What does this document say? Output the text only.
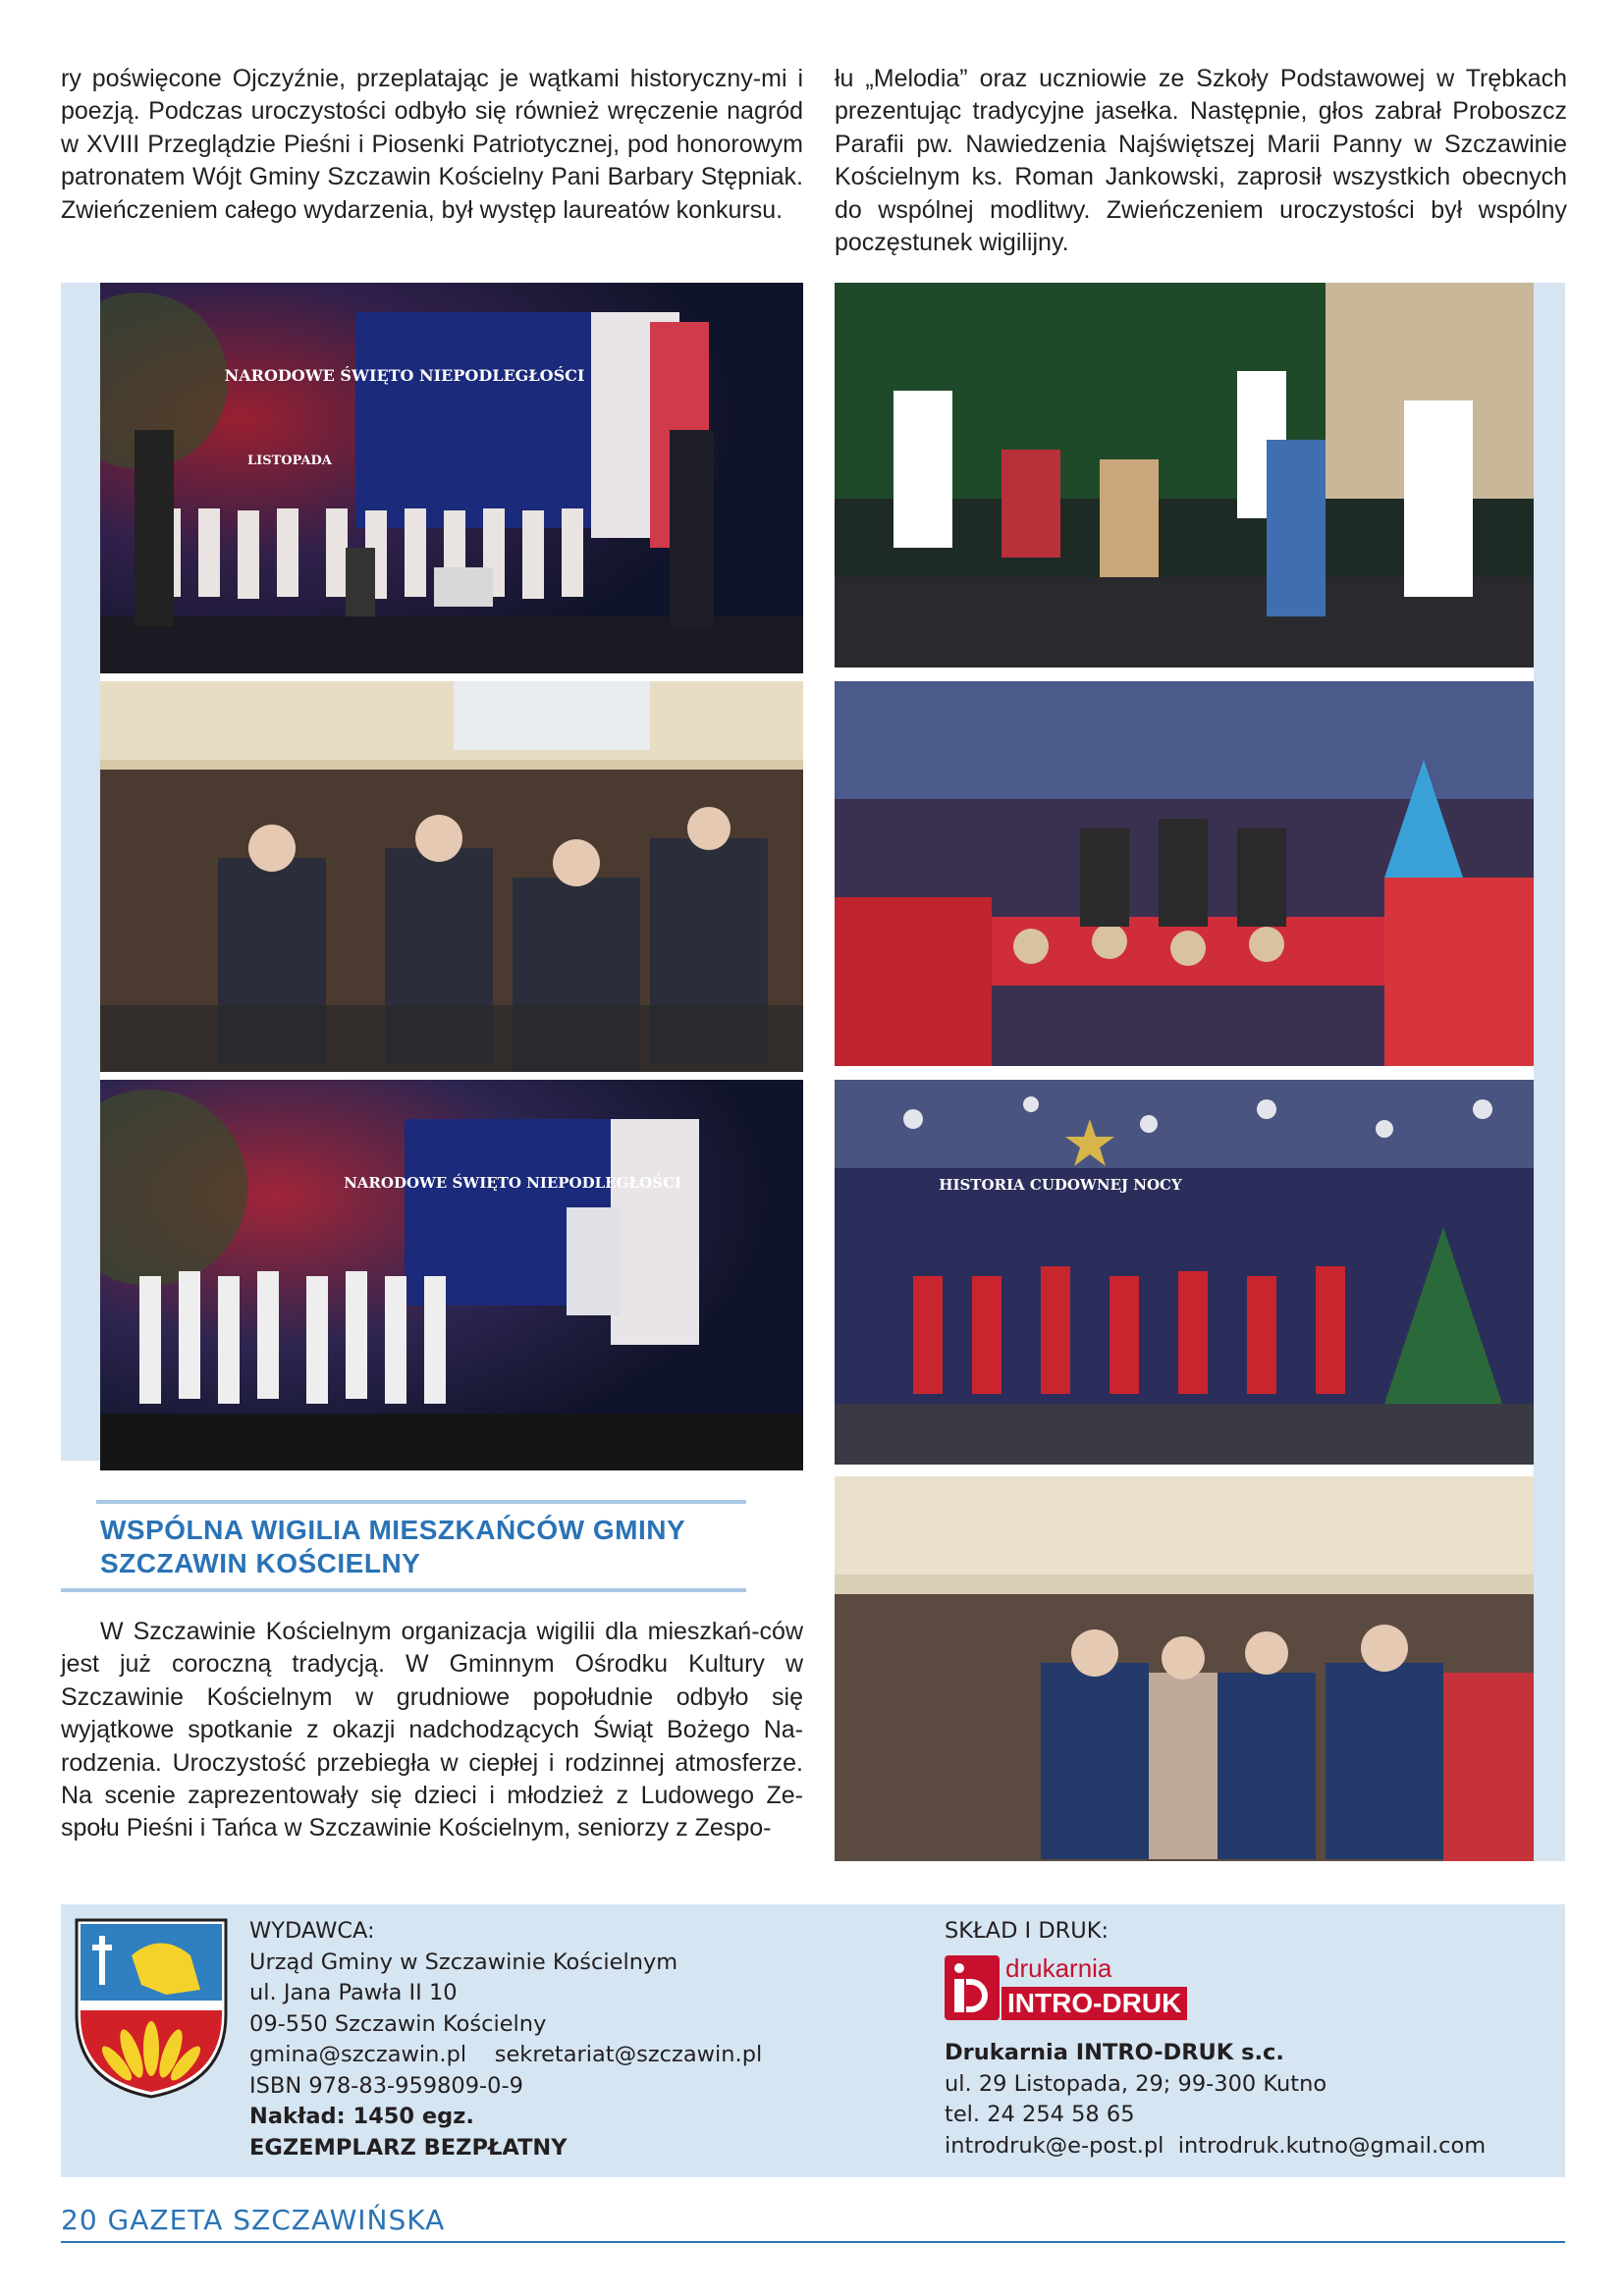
ry poświęcone Ojczyźnie, przeplatając je wątkami historyczny-mi i poezją. Podczas uroczystości odbyło się również wręczenie nagród w XVIII Przeglądzie Pieśni i Piosenki Patriotycznej, pod honorowym patronatem Wójt Gminy Szczawin Kościelny Pani Barbary Stępniak. Zwieńczeniem całego wydarzenia, był występ laureatów konkursu.

łu „Melodia” oraz uczniowie ze Szkoły Podstawowej w Trębkach prezentując tradycyjne jasełka. Następnie, głos zabrał Proboszcz Parafii pw. Nawiedzenia Najświętszej Marii Panny w Szczawinie Kościelnym ks. Roman Jankowski, zaprosił wszystkich obecnych do wspólnej modlitwy. Zwieńczeniem uroczystości był wspólny poczęstunek wigilijny.

NARODOWE ŚWIĘTO NIEPODLEGŁOŚCI
LISTOPADA
NARODOWE ŚWIĘTO NIEPODLEGŁOŚCI	HISTORIA CUDOWNEJ NOCY
WSPÓLNA WIGILIA MIESZKAŃCÓW GMINY SZCZAWIN KOŚCIELNY

W Szczawinie Kościelnym organizacja wigilii dla mieszkań-ców jest już coroczną tradycją. W Gminnym Ośrodku Kultury w Szczawinie Kościelnym w grudniowe popołudnie odbyło się wyjątkowe spotkanie z okazji nadchodzących Świąt Bożego Na-rodzenia. Uroczystość przebiegła w ciepłej i rodzinnej atmosferze. Na scenie zaprezentowały się dzieci i młodzież z Ludowego Ze-społu Pieśni i Tańca w Szczawinie Kościelnym, seniorzy z Zespo-

WYDAWCA:
Urząd Gminy w Szczawinie Kościelnym
ul. Jana Pawła II 10
09-550 Szczawin Kościelny
gmina@szczawin.pl sekretariat@szczawin.pl
ISBN 978-83-959809-0-9
Nakład: 1450 egz.
EGZEMPLARZ BEZPŁATNY
SKŁAD I DRUK:
drukarnia
INTRO-DRUK
Drukarnia INTRO-DRUK s.c.
ul. 29 Listopada, 29; 99-300 Kutno
tel. 24 254 58 65
introdruk@e-post.pl introdruk.kutno@gmail.com
20 GAZETA SZCZAWIŃSKA
